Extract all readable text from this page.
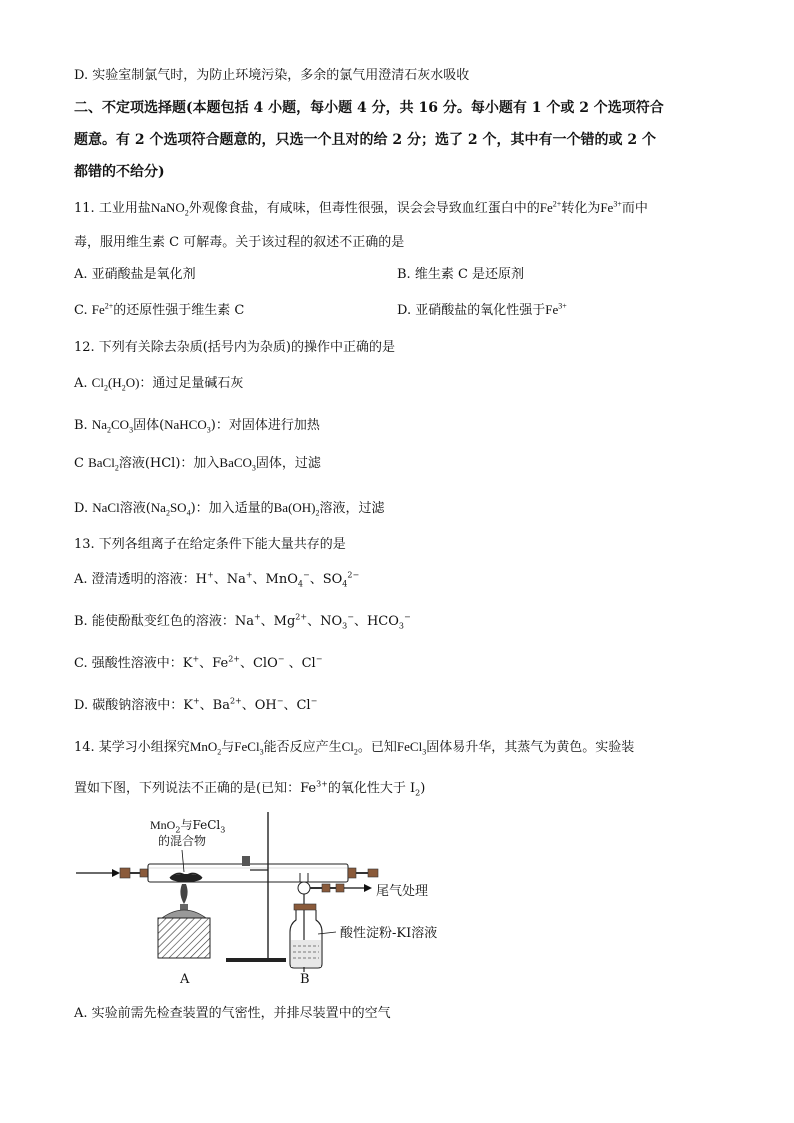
D. 实验室制氯气时，为防止环境污染，多余的氯气用澄清石灰水吸收
二、不定项选择题(本题包括 4 小题，每小题 4 分，共 16 分。每小题有 1 个或 2 个选项符合
题意。有 2 个选项符合题意的，只选一个且对的给 2 分；选了 2 个，其中有一个错的或 2 个
都错的不给分)
11. 工业用盐NaNO$_2$外观像食盐，有咸味，但毒性很强，误会会导致血红蛋白中的$Fe^{2+}$转化为$Fe^{3+}$而中
毒，服用维生素 C 可解毒。关于该过程的叙述不正确的是
A. 亚硝酸盐是氧化剂	B. 维生素 C 是还原剂
C. $Fe^{2+}$的还原性强于维生素 C	D. 亚硝酸盐的氧化性强于$Fe^{3+}$
12. 下列有关除去杂质(括号内为杂质)的操作中正确的是
A. $Cl_2(H_2O)$：通过足量碱石灰
B. $Na_2CO_3$固体(NaHCO$_3$)：对固体进行加热
C BaCl$_2$溶液(HCl)：加入BaCO$_3$固体，过滤
D. NaCl溶液$(Na_2SO_4)$：加入适量的$Ba(OH)_2$溶液，过滤
13. 下列各组离子在给定条件下能大量共存的是
A. 澄清透明的溶液：H+、Na+、MnO$_4$−、$SO_4^{2-}$
B. 能使酚酞变红色的溶液：Na+、$Mg^{2+}$、$NO_3^-$、$HCO_3^-$
C. 强酸性溶液中：K+、$Fe^{2+}$、ClO− 、Cl−
D. 碳酸钠溶液中：K+、$Ba^{2+}$、OH−、Cl−
14. 某学习小组探究MnO$_2$与FeCl$_3$能否反应产生$Cl_2$。已知FeCl$_3$固体易升华，其蒸气为黄色。实验装
置如下图，下列说法不正确的是(已知：$Fe^{3+}$的氧化性大于 $I_2$)
MnO$_2$与FeCl$_3$
的混合物
尾气处理
酸性淀粉-KI溶液
A	B
A. 实验前需先检查装置的气密性，并排尽装置中的空气
